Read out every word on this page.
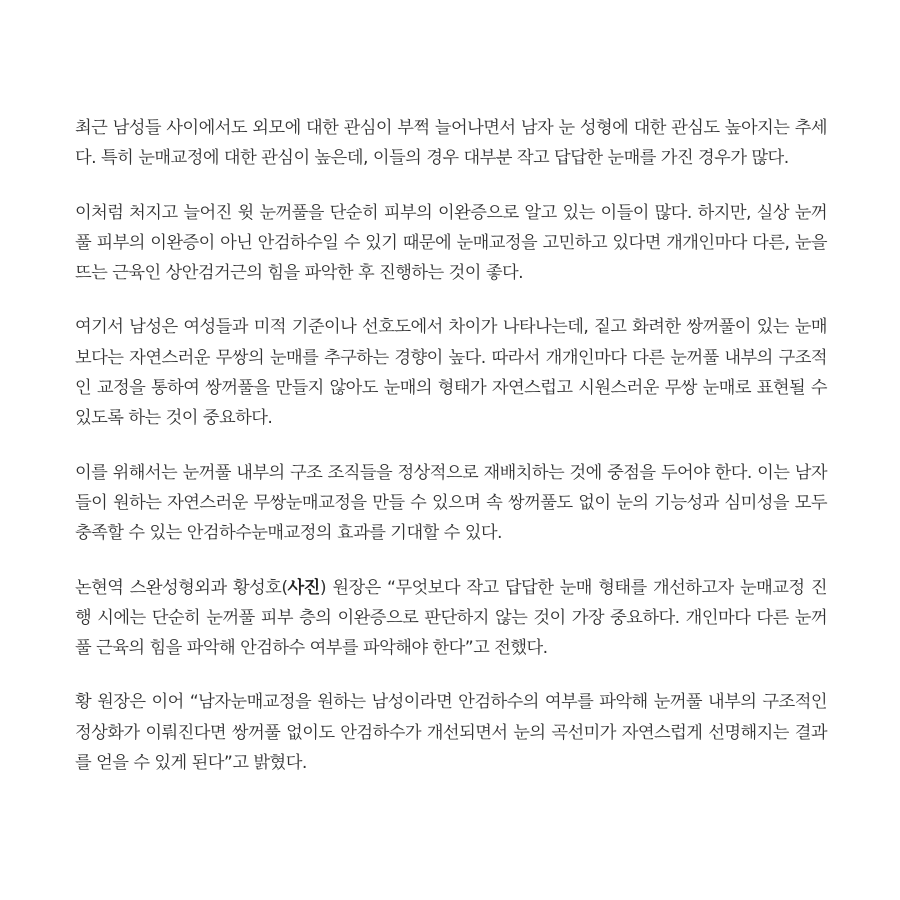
최근 남성들 사이에서도 외모에 대한 관심이 부쩍 늘어나면서 남자 눈 성형에 대한 관심도 높아지는 추세다. 특히 눈매교정에 대한 관심이 높은데, 이들의 경우 대부분 작고 답답한 눈매를 가진 경우가 많다.

이처럼 처지고 늘어진 윗 눈꺼풀을 단순히 피부의 이완증으로 알고 있는 이들이 많다. 하지만, 실상 눈꺼풀 피부의 이완증이 아닌 안검하수일 수 있기 때문에 눈매교정을 고민하고 있다면 개개인마다 다른, 눈을 뜨는 근육인 상안검거근의 힘을 파악한 후 진행하는 것이 좋다.

여기서 남성은 여성들과 미적 기준이나 선호도에서 차이가 나타나는데, 짙고 화려한 쌍꺼풀이 있는 눈매보다는 자연스러운 무쌍의 눈매를 추구하는 경향이 높다. 따라서 개개인마다 다른 눈꺼풀 내부의 구조적인 교정을 통하여 쌍꺼풀을 만들지 않아도 눈매의 형태가 자연스럽고 시원스러운 무쌍 눈매로 표현될 수 있도록 하는 것이 중요하다.

이를 위해서는 눈꺼풀 내부의 구조 조직들을 정상적으로 재배치하는 것에 중점을 두어야 한다. 이는 남자들이 원하는 자연스러운 무쌍눈매교정을 만들 수 있으며 속 쌍꺼풀도 없이 눈의 기능성과 심미성을 모두 충족할 수 있는 안검하수눈매교정의 효과를 기대할 수 있다.

논현역 스완성형외과 황성호(사진) 원장은 “무엇보다 작고 답답한 눈매 형태를 개선하고자 눈매교정 진행 시에는 단순히 눈꺼풀 피부 층의 이완증으로 판단하지 않는 것이 가장 중요하다. 개인마다 다른 눈꺼풀 근육의 힘을 파악해 안검하수 여부를 파악해야 한다”고 전했다.

황 원장은 이어 “남자눈매교정을 원하는 남성이라면 안검하수의 여부를 파악해 눈꺼풀 내부의 구조적인 정상화가 이뤄진다면 쌍꺼풀 없이도 안검하수가 개선되면서 눈의 곡선미가 자연스럽게 선명해지는 결과를 얻을 수 있게 된다”고 밝혔다.
